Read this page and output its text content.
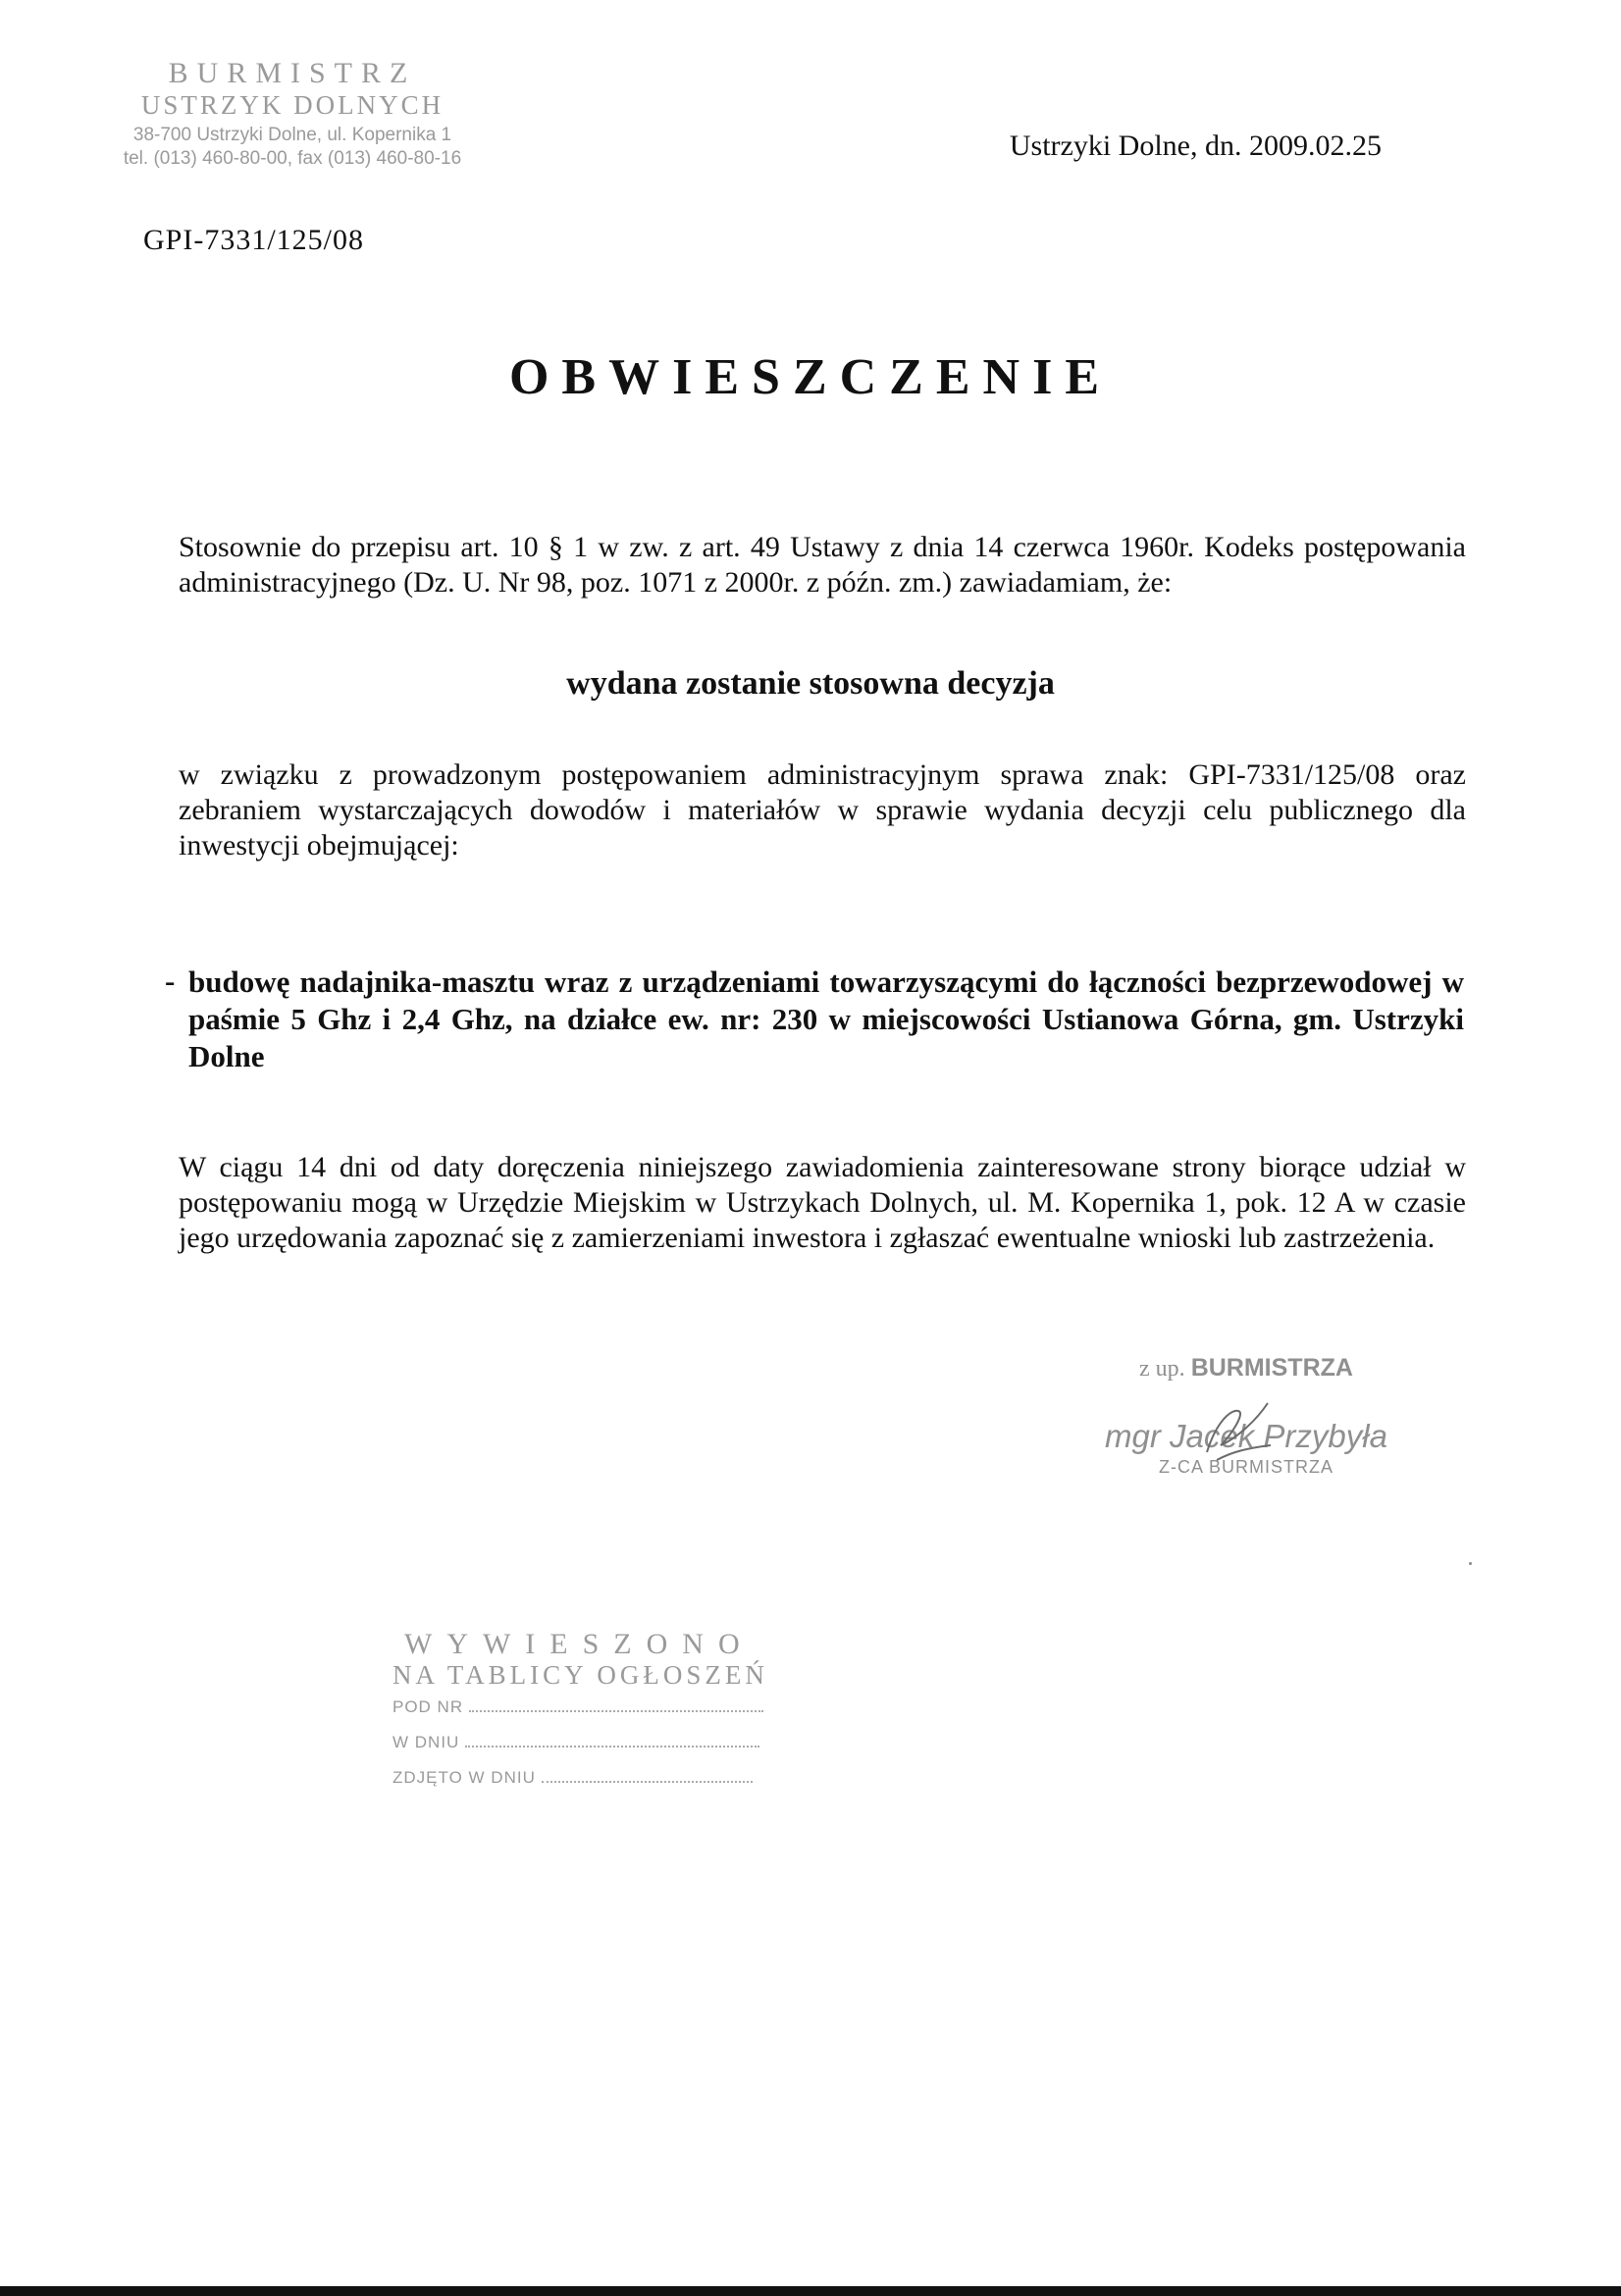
BURMISTRZ
USTRZYK DOLNYCH
38-700 Ustrzyki Dolne, ul. Kopernika 1
tel. (013) 460-80-00, fax (013) 460-80-16	Ustrzyki Dolne, dn. 2009.02.25
GPI-7331/125/08
OBWIESZCZENIE
Stosownie do przepisu art. 10 § 1 w zw. z art. 49 Ustawy z dnia 14 czerwca 1960r. Kodeks postępowania administracyjnego (Dz. U. Nr 98, poz. 1071 z 2000r. z późn. zm.) zawiadamiam, że:
wydana zostanie stosowna decyzja
w związku z prowadzonym postępowaniem administracyjnym sprawa znak: GPI-7331/125/08 oraz zebraniem wystarczających dowodów i materiałów w sprawie wydania decyzji celu publicznego dla inwestycji obejmującej:
- budowę nadajnika-masztu wraz z urządzeniami towarzyszącymi do łączności bezprzewodowej w paśmie 5 Ghz i 2,4 Ghz, na działce ew. nr: 230 w miejscowości Ustianowa Górna, gm. Ustrzyki Dolne
W ciągu 14 dni od daty doręczenia niniejszego zawiadomienia zainteresowane strony biorące udział w postępowaniu mogą w Urzędzie Miejskim w Ustrzykach Dolnych, ul. M. Kopernika 1, pok. 12 A w czasie jego urzędowania zapoznać się z zamierzeniami inwestora i zgłaszać ewentualne wnioski lub zastrzeżenia.
z up. BURMISTRZA
mgr Jacek Przybyła
Z-CA BURMISTRZA
WYWIESZONO
NA TABLICY OGŁOSZEŃ
POD NR
W DNIU
ZDJĘTO W DNIU
